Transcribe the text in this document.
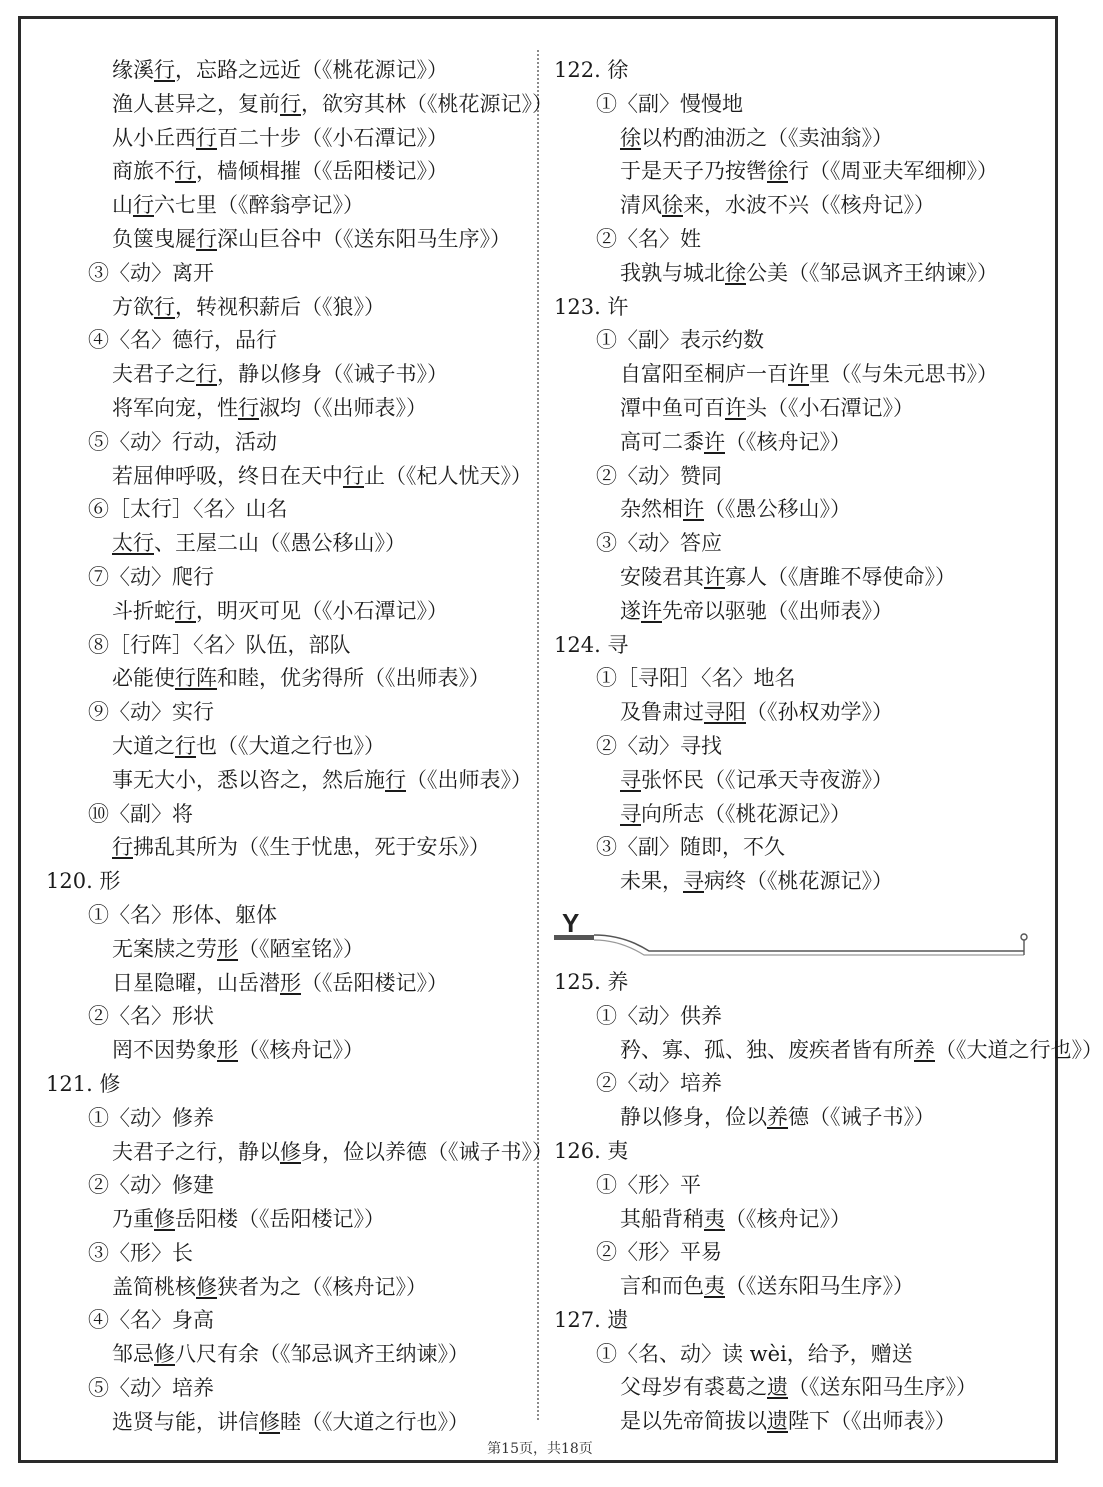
缘溪行，忘路之远近（《桃花源记》）
渔人甚异之，复前行，欲穷其林（《桃花源记》）
从小丘西行百二十步（《小石潭记》）
商旅不行，樯倾楫摧（《岳阳楼记》）
山行六七里（《醉翁亭记》）
负箧曳屣行深山巨谷中（《送东阳马生序》）
③〈动〉离开
方欲行，转视积薪后（《狼》）
④〈名〉德行，品行
夫君子之行，静以修身（《诫子书》）
将军向宠，性行淑均（《出师表》）
⑤〈动〉行动，活动
若屈伸呼吸，终日在天中行止（《杞人忧天》）
⑥［太行］〈名〉山名
太行、王屋二山（《愚公移山》）
⑦〈动〉爬行
斗折蛇行，明灭可见（《小石潭记》）
⑧［行阵］〈名〉队伍，部队
必能使行阵和睦，优劣得所（《出师表》）
⑨〈动〉实行
大道之行也（《大道之行也》）
事无大小，悉以咨之，然后施行（《出师表》）
⑩〈副〉将
行拂乱其所为（《生于忧患，死于安乐》）
120. 形
①〈名〉形体、躯体
无案牍之劳形（《陋室铭》）
日星隐曜，山岳潜形（《岳阳楼记》）
②〈名〉形状
罔不因势象形（《核舟记》）
121. 修
①〈动〉修养
夫君子之行，静以修身，俭以养德（《诫子书》）
②〈动〉修建
乃重修岳阳楼（《岳阳楼记》）
③〈形〉长
盖简桃核修狭者为之（《核舟记》）
④〈名〉身高
邹忌修八尺有余（《邹忌讽齐王纳谏》）
⑤〈动〉培养
选贤与能，讲信修睦（《大道之行也》）
122. 徐
①〈副〉慢慢地
徐以杓酌油沥之（《卖油翁》）
于是天子乃按辔徐行（《周亚夫军细柳》）
清风徐来，水波不兴（《核舟记》）
②〈名〉姓
我孰与城北徐公美（《邹忌讽齐王纳谏》）
123. 许
①〈副〉表示约数
自富阳至桐庐一百许里（《与朱元思书》）
潭中鱼可百许头（《小石潭记》）
高可二黍许（《核舟记》）
②〈动〉赞同
杂然相许（《愚公移山》）
③〈动〉答应
安陵君其许寡人（《唐雎不辱使命》）
遂许先帝以驱驰（《出师表》）
124. 寻
①［寻阳］〈名〉地名
及鲁肃过寻阳（《孙权劝学》）
②〈动〉寻找
寻张怀民（《记承天寺夜游》）
寻向所志（《桃花源记》）
③〈副〉随即，不久
未果，寻病终（《桃花源记》）
Y
125. 养
①〈动〉供养
矜、寡、孤、独、废疾者皆有所养（《大道之行也》）
②〈动〉培养
静以修身，俭以养德（《诫子书》）
126. 夷
①〈形〉平
其船背稍夷（《核舟记》）
②〈形〉平易
言和而色夷（《送东阳马生序》）
127. 遗
①〈名、动〉读 wèi，给予，赠送
父母岁有裘葛之遗（《送东阳马生序》）
是以先帝简拔以遗陛下（《出师表》）
第15页，共18页
